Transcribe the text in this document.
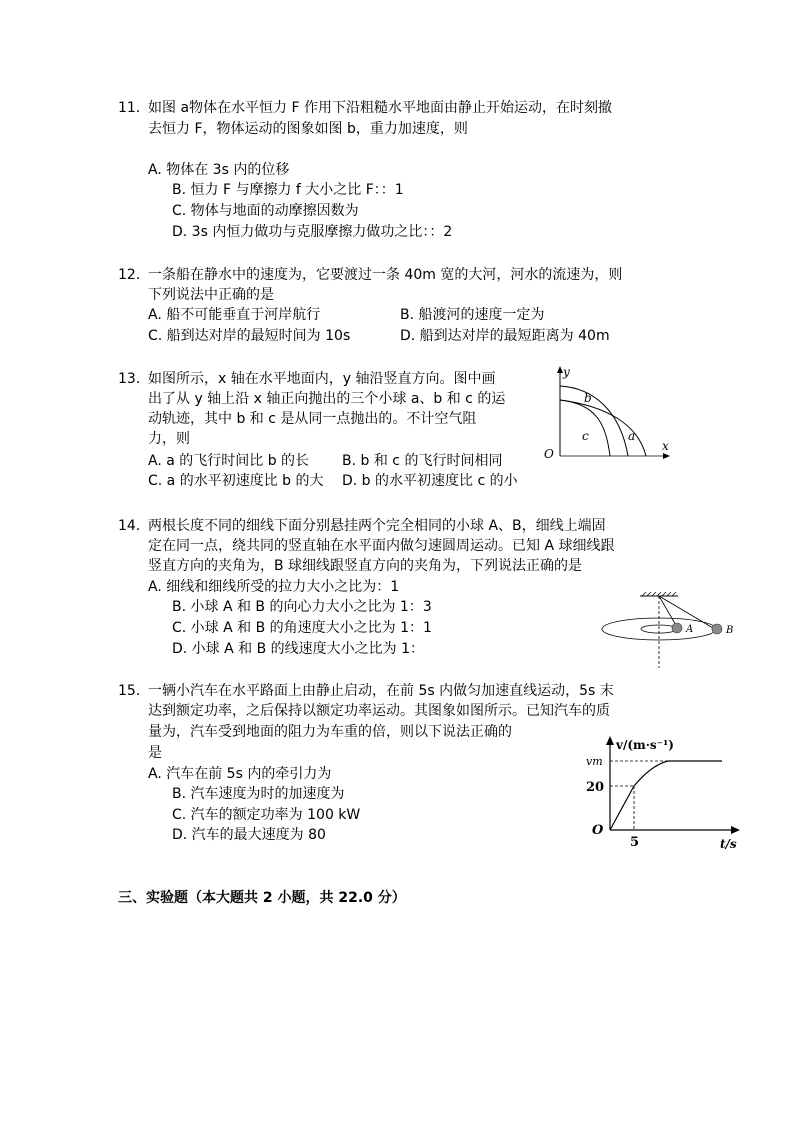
11. 如图 a物体在水平恒力 F 作用下沿粗糙水平地面由静止开始运动，在时刻撤
去恒力 F，物体运动的图象如图 b，重力加速度，则
A. 物体在 3s 内的位移
B. 恒力 F 与摩擦力 f 大小之比 F：：1
C. 物体与地面的动摩擦因数为
D. 3s 内恒力做功与克服摩擦力做功之比：：2
12. 一条船在静水中的速度为，它要渡过一条 40m 宽的大河，河水的流速为，则
下列说法中正确的是
A. 船不可能垂直于河岸航行	B. 船渡河的速度一定为
C. 船到达对岸的最短时间为 10s	D. 船到达对岸的最短距离为 40m
13. 如图所示，x 轴在水平地面内，y 轴沿竖直方向。图中画
出了从 y 轴上沿 x 轴正向抛出的三个小球 a、b 和 c 的运
动轨迹，其中 b 和 c 是从同一点抛出的。不计空气阻
力，则
A. a 的飞行时间比 b 的长 B. b 和 c 的飞行时间相同
C. a 的水平初速度比 b 的大 D. b 的水平初速度比 c 的小
y
x
O
b
c	a
14. 两根长度不同的细线下面分别悬挂两个完全相同的小球 A、B，细线上端固
定在同一点，绕共同的竖直轴在水平面内做匀速圆周运动。已知 A 球细线跟
竖直方向的夹角为，B 球细线跟竖直方向的夹角为，下列说法正确的是
A. 细线和细线所受的拉力大小之比为：1
B. 小球 A 和 B 的向心力大小之比为 1：3
C. 小球 A 和 B 的角速度大小之比为 1：1
D. 小球 A 和 B 的线速度大小之比为 1：
A	B
15. 一辆小汽车在水平路面上由静止启动，在前 5s 内做匀加速直线运动，5s 末
达到额定功率，之后保持以额定功率运动。其图象如图所示。已知汽车的质
量为，汽车受到地面的阻力为车重的倍，则以下说法正确的
是
A. 汽车在前 5s 内的牵引力为
B. 汽车速度为时的加速度为
C. 汽车的额定功率为 100 kW
D. 汽车的最大速度为 80
v/(m·s⁻¹)
vm
20
O
5	t/s
三、实验题（本大题共 2 小题，共 22.0 分）
